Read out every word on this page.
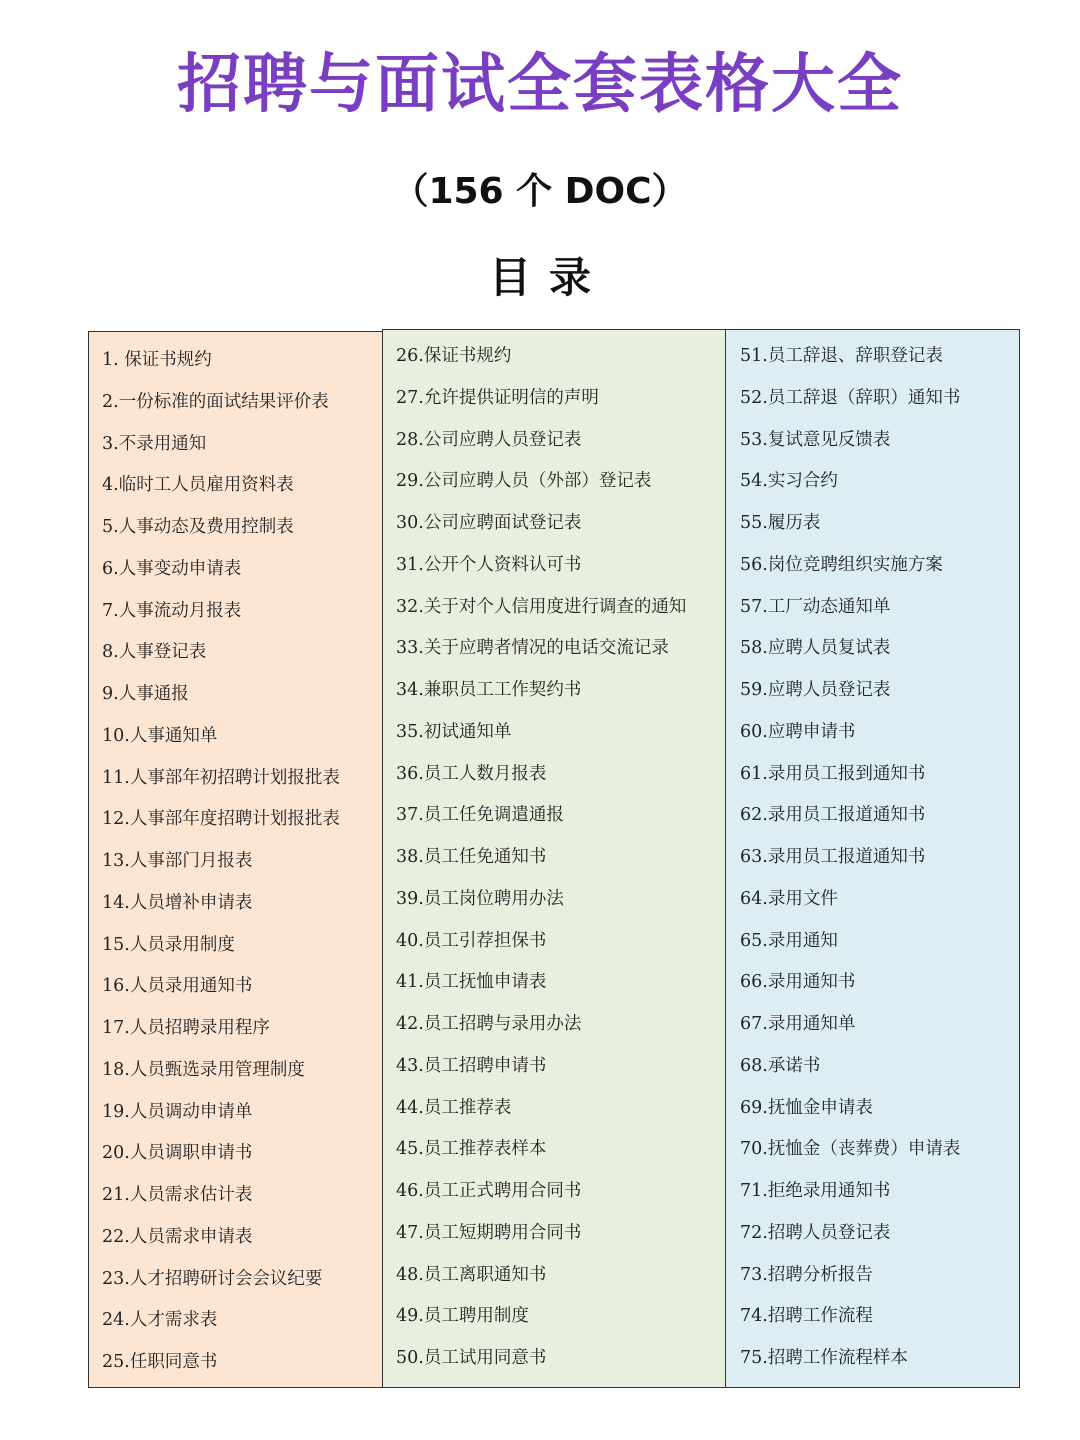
招聘与面试全套表格大全
（156 个 DOC）
目录
1. 保证书规约
2.一份标准的面试结果评价表
3.不录用通知
4.临时工人员雇用资料表
5.人事动态及费用控制表
6.人事变动申请表
7.人事流动月报表
8.人事登记表
9.人事通报
10.人事通知单
11.人事部年初招聘计划报批表
12.人事部年度招聘计划报批表
13.人事部门月报表
14.人员增补申请表
15.人员录用制度
16.人员录用通知书
17.人员招聘录用程序
18.人员甄选录用管理制度
19.人员调动申请单
20.人员调职申请书
21.人员需求估计表
22.人员需求申请表
23.人才招聘研讨会会议纪要
24.人才需求表
25.任职同意书
26.保证书规约
27.允许提供证明信的声明
28.公司应聘人员登记表
29.公司应聘人员（外部）登记表
30.公司应聘面试登记表
31.公开个人资料认可书
32.关于对个人信用度进行调查的通知
33.关于应聘者情况的电话交流记录
34.兼职员工工作契约书
35.初试通知单
36.员工人数月报表
37.员工任免调遣通报
38.员工任免通知书
39.员工岗位聘用办法
40.员工引荐担保书
41.员工抚恤申请表
42.员工招聘与录用办法
43.员工招聘申请书
44.员工推荐表
45.员工推荐表样本
46.员工正式聘用合同书
47.员工短期聘用合同书
48.员工离职通知书
49.员工聘用制度
50.员工试用同意书
51.员工辞退、辞职登记表
52.员工辞退（辞职）通知书
53.复试意见反馈表
54.实习合约
55.履历表
56.岗位竞聘组织实施方案
57.工厂动态通知单
58.应聘人员复试表
59.应聘人员登记表
60.应聘申请书
61.录用员工报到通知书
62.录用员工报道通知书
63.录用员工报道通知书
64.录用文件
65.录用通知
66.录用通知书
67.录用通知单
68.承诺书
69.抚恤金申请表
70.抚恤金（丧葬费）申请表
71.拒绝录用通知书
72.招聘人员登记表
73.招聘分析报告
74.招聘工作流程
75.招聘工作流程样本
